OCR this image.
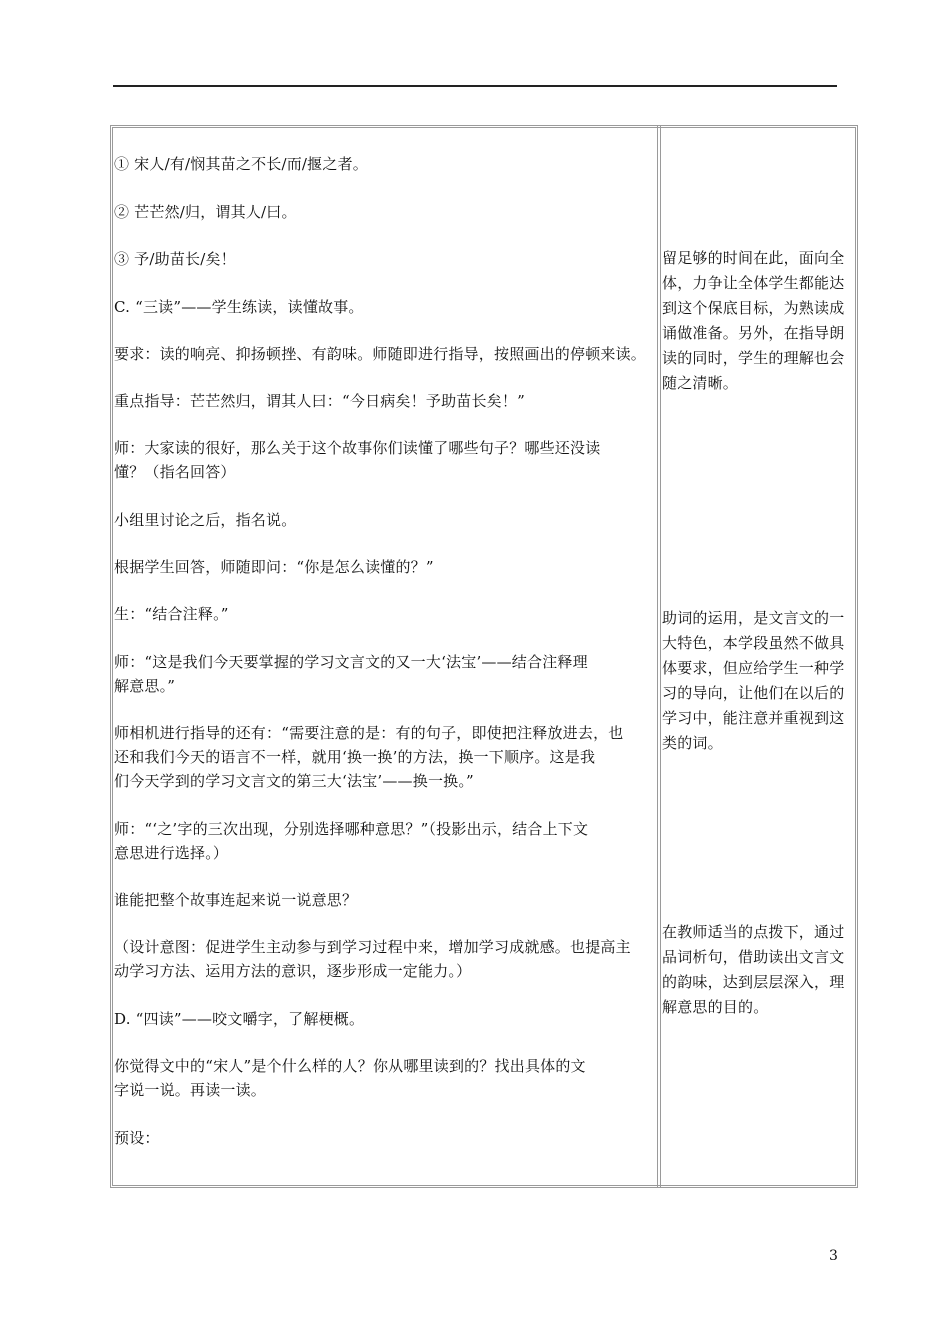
① 宋人/有/悯其苗之不长/而/揠之者。
② 芒芒然/归，谓其人/曰。
③ 予/助苗长/矣！
C. “三读”——学生练读，读懂故事。
要求：读的响亮、抑扬顿挫、有韵味。师随即进行指导，按照画出的停顿来读。
重点指导：芒芒然归，谓其人曰：“今日病矣！予助苗长矣！”
师：大家读的很好，那么关于这个故事你们读懂了哪些句子？哪些还没读
懂？（指名回答）
小组里讨论之后，指名说。
根据学生回答，师随即问：“你是怎么读懂的？”
生：“结合注释。”
师：“这是我们今天要掌握的学习文言文的又一大‘法宝’——结合注释理
解意思。”
师相机进行指导的还有：“需要注意的是：有的句子，即使把注释放进去，也
还和我们今天的语言不一样，就用‘换一换’的方法，换一下顺序。这是我
们今天学到的学习文言文的第三大‘法宝’——换一换。”
师：“‘之’字的三次出现，分别选择哪种意思？”（投影出示，结合上下文
意思进行选择。）
谁能把整个故事连起来说一说意思？
（设计意图：促进学生主动参与到学习过程中来，增加学习成就感。也提高主
动学习方法、运用方法的意识，逐步形成一定能力。）
D. “四读”——咬文嚼字，了解梗概。
你觉得文中的“宋人”是个什么样的人？你从哪里读到的？找出具体的文
字说一说。再读一读。
预设：
留足够的时间在此，面向全
体，力争让全体学生都能达
到这个保底目标，为熟读成
诵做准备。另外，在指导朗
读的同时，学生的理解也会
随之清晰。
助词的运用，是文言文的一
大特色，本学段虽然不做具
体要求，但应给学生一种学
习的导向，让他们在以后的
学习中，能注意并重视到这
类的词。
在教师适当的点拨下，通过
品词析句，借助读出文言文
的韵味，达到层层深入，理
解意思的目的。
3
